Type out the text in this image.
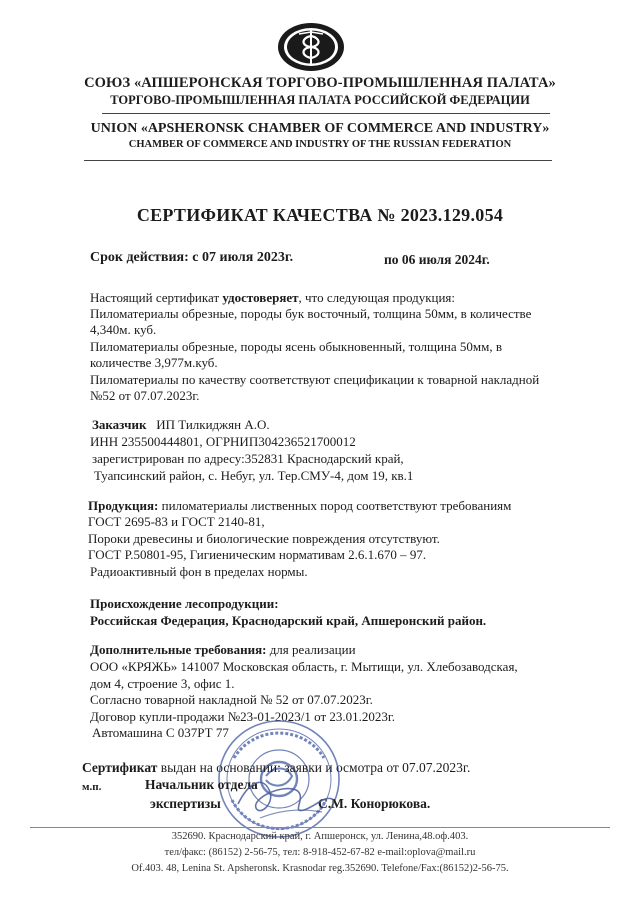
СОЮЗ «АПШЕРОНСКАЯ ТОРГОВО-ПРОМЫШЛЕННАЯ ПАЛАТА»
ТОРГОВО-ПРОМЫШЛЕННАЯ ПАЛАТА РОССИЙСКОЙ ФЕДЕРАЦИИ
UNION «APSHERONSK CHAMBER OF COMMERCE AND INDUSTRY»
CHAMBER OF COMMERCE AND INDUSTRY OF THE RUSSIAN FEDERATION
СЕРТИФИКАТ КАЧЕСТВА № 2023.129.054
Срок действия: с 07 июля 2023г.	по 06 июля 2024г.
Настоящий сертификат удостоверяет, что следующая продукция:
Пиломатериалы обрезные, породы бук восточный, толщина 50мм, в количестве
4,340м. куб.
Пиломатериалы обрезные, породы ясень обыкновенный, толщина 50мм, в
количестве 3,977м.куб.
Пиломатериалы по качеству соответствуют спецификации к товарной накладной
№52 от 07.07.2023г.
Заказчик ИП Тилкиджян А.О.
ИНН 235500444801, ОГРНИП304236521700012
зарегистрирован по адресу:352831 Краснодарский край,
Туапсинский район, с. Небуг, ул. Тер.СМУ-4, дом 19, кв.1
Продукция: пиломатериалы лиственных пород соответствуют требованиям
ГОСТ 2695-83 и ГОСТ 2140-81,
Пороки древесины и биологические повреждения отсутствуют.
ГОСТ Р.50801-95, Гигиеническим нормативам 2.6.1.670 – 97.
Радиоактивный фон в пределах нормы.
Происхождение лесопродукции:
Российская Федерация, Краснодарский край, Апшеронский район.
Дополнительные требования: для реализации
ООО «КРЯЖЬ» 141007 Московская область, г. Мытищи, ул. Хлебозаводская,
дом 4, строение 3, офис 1.
Согласно товарной накладной № 52 от 07.07.2023г.
Договор купли-продажи №23-01-2023/1 от 23.01.2023г.
Автомашина С 037РТ 77
Сертификат выдан на основании: заявки и осмотра от 07.07.2023г.
м.п.	Начальник отдела
экспертизы	С.М. Конорюкова.
352690. Краснодарский край, г. Апшеронск, ул. Ленина,48.оф.403.
тел/факс: (86152) 2-56-75, тел: 8-918-452-67-82 e-mail:oplova@mail.ru
Of.403. 48, Lenina St. Apsheronsk. Krasnodar reg.352690. Telefone/Fax:(86152)2-56-75.
